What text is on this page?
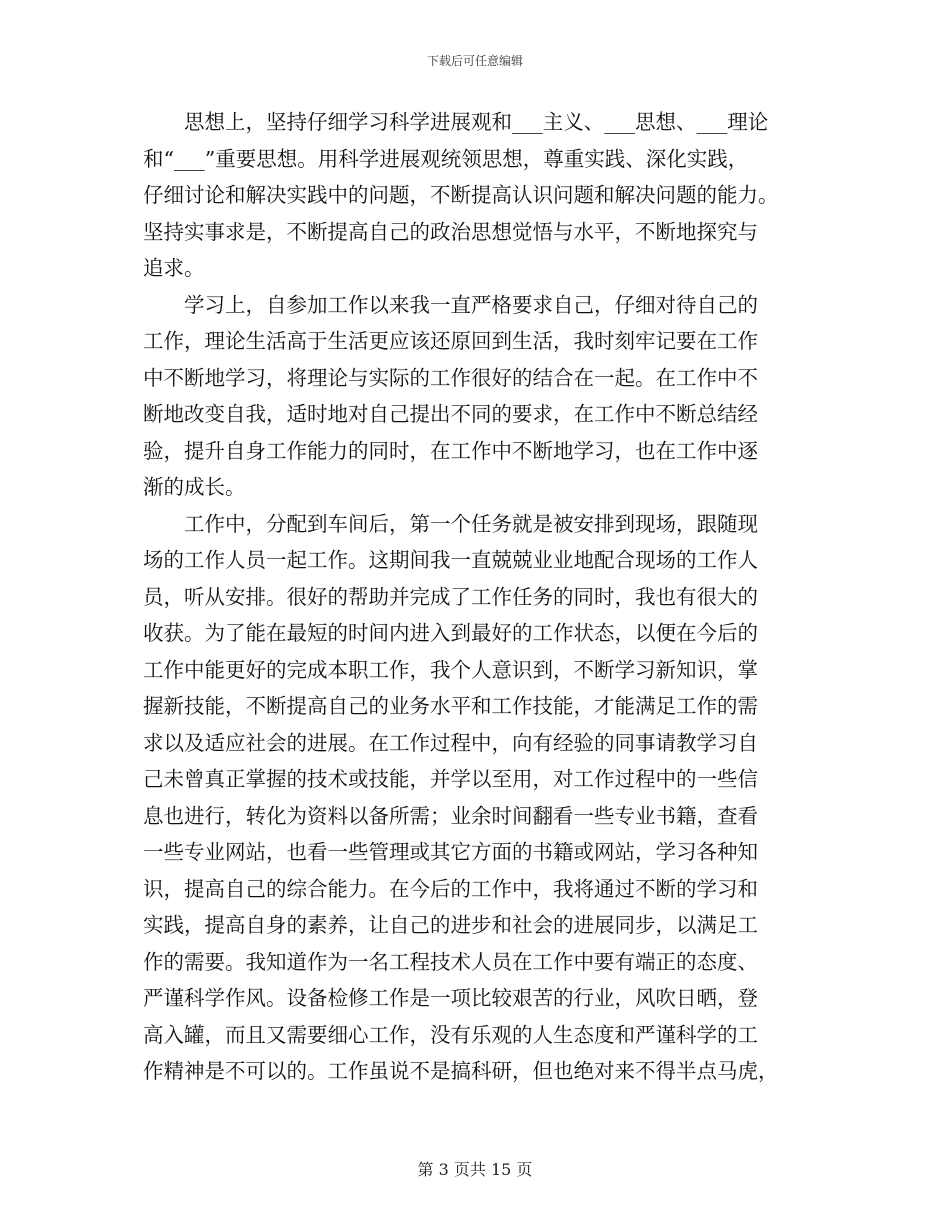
下载后可任意编辑
思想上，坚持仔细学习科学进展观和___主义、___思想、___理论
和“___”重要思想。用科学进展观统领思想，尊重实践、深化实践，
仔细讨论和解决实践中的问题，不断提高认识问题和解决问题的能力。
坚持实事求是，不断提高自己的政治思想觉悟与水平，不断地探究与
追求。
学习上，自参加工作以来我一直严格要求自己，仔细对待自己的
工作，理论生活高于生活更应该还原回到生活，我时刻牢记要在工作
中不断地学习，将理论与实际的工作很好的结合在一起。在工作中不
断地改变自我，适时地对自己提出不同的要求，在工作中不断总结经
验，提升自身工作能力的同时，在工作中不断地学习，也在工作中逐
渐的成长。
工作中，分配到车间后，第一个任务就是被安排到现场，跟随现
场的工作人员一起工作。这期间我一直兢兢业业地配合现场的工作人
员，听从安排。很好的帮助并完成了工作任务的同时，我也有很大的
收获。为了能在最短的时间内进入到最好的工作状态，以便在今后的
工作中能更好的完成本职工作，我个人意识到，不断学习新知识，掌
握新技能，不断提高自己的业务水平和工作技能，才能满足工作的需
求以及适应社会的进展。在工作过程中，向有经验的同事请教学习自
己未曾真正掌握的技术或技能，并学以至用，对工作过程中的一些信
息也进行，转化为资料以备所需；业余时间翻看一些专业书籍，查看
一些专业网站，也看一些管理或其它方面的书籍或网站，学习各种知
识，提高自己的综合能力。在今后的工作中，我将通过不断的学习和
实践，提高自身的素养，让自己的进步和社会的进展同步，以满足工
作的需要。我知道作为一名工程技术人员在工作中要有端正的态度、
严谨科学作风。设备检修工作是一项比较艰苦的行业，风吹日晒，登
高入罐，而且又需要细心工作，没有乐观的人生态度和严谨科学的工
作精神是不可以的。工作虽说不是搞科研，但也绝对来不得半点马虎，
第 3 页共 15 页
